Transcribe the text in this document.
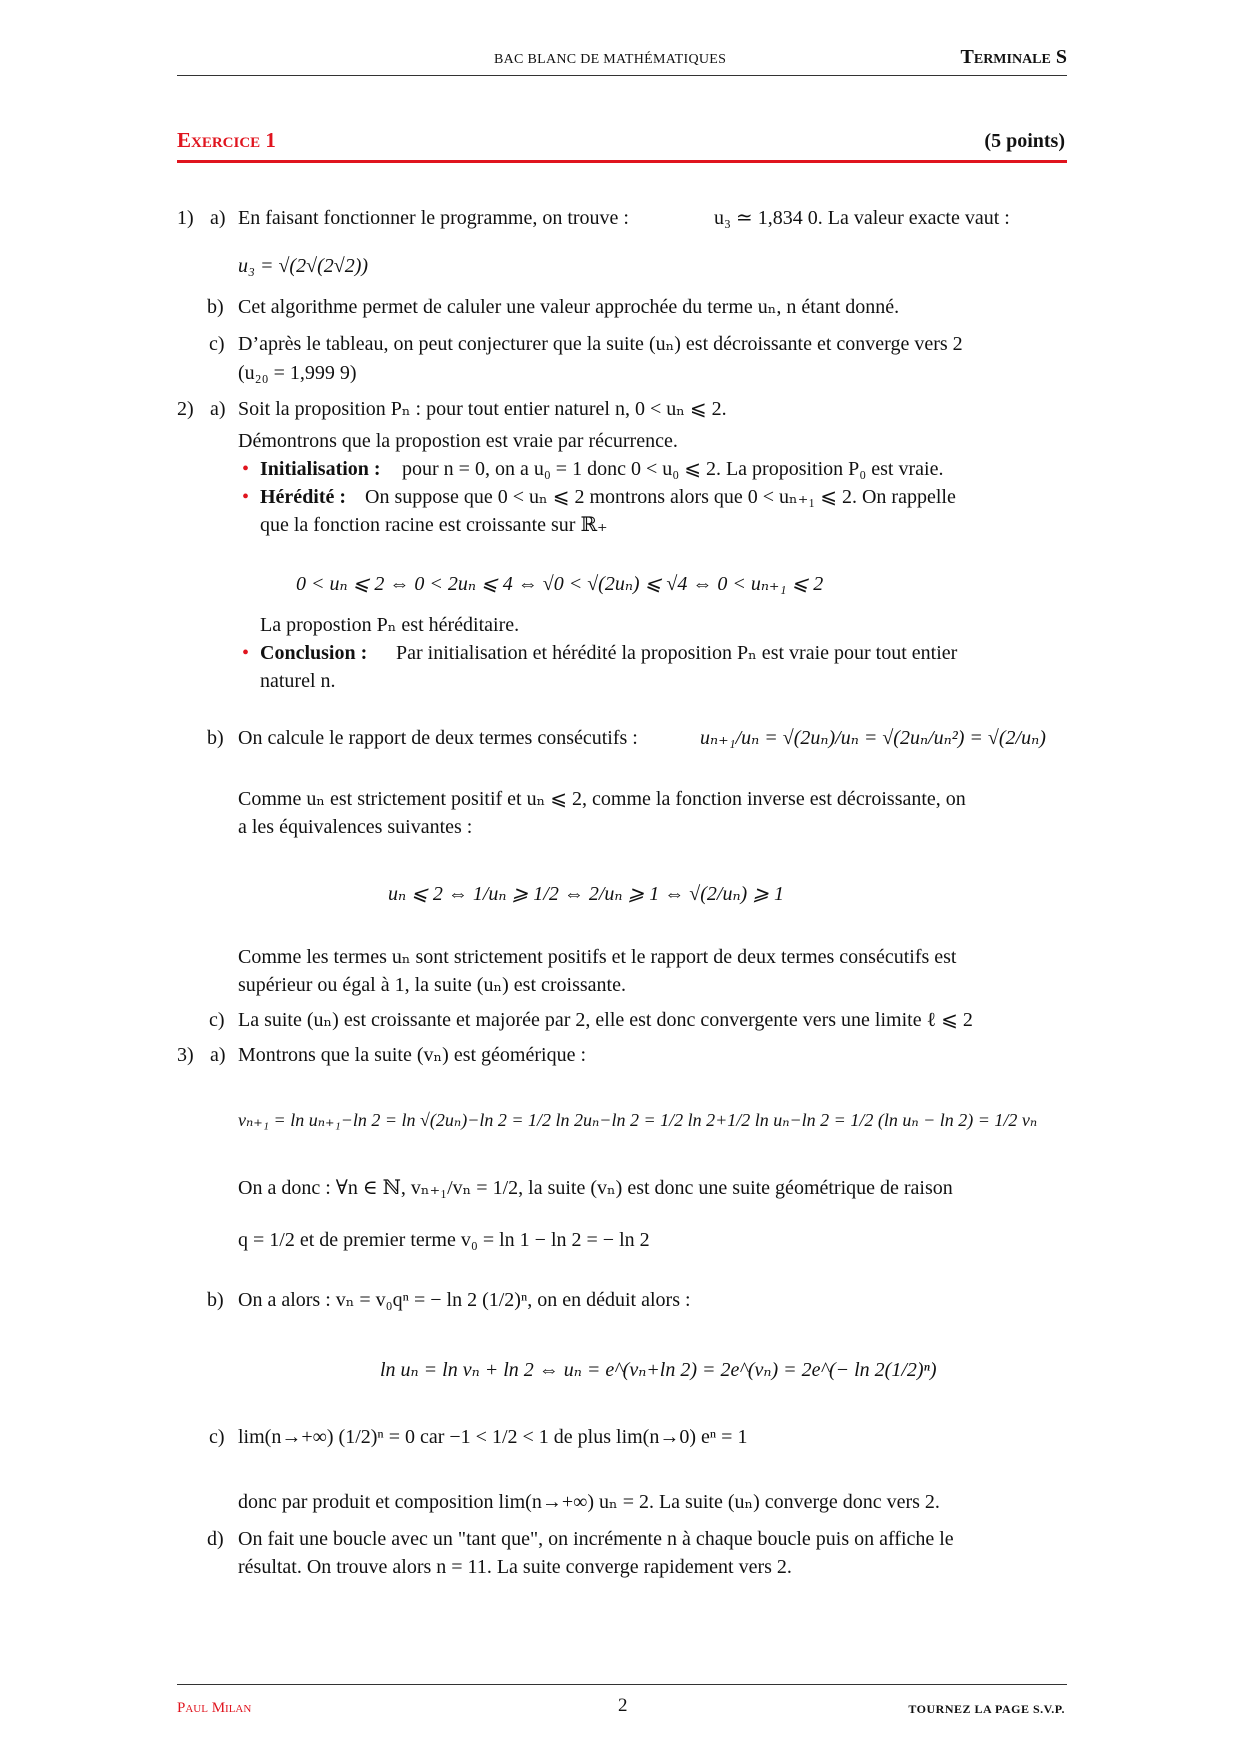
BAC BLANC DE MATHÉMATIQUES	Terminale S
Exercice 1	(5 points)
1) a) En faisant fonctionner le programme, on trouve :	u₃ ≃ 1,834 0. La valeur exacte vaut :
u₃ = √(2√(2√2))
b) Cet algorithme permet de caluler une valeur approchée du terme uₙ, n étant donné.
c) D’après le tableau, on peut conjecturer que la suite (uₙ) est décroissante et converge vers 2
(u₂₀ = 1,999 9)
2) a) Soit la proposition Pₙ : pour tout entier naturel n, 0 < uₙ ⩽ 2.
Démontrons que la propostion est vraie par récurrence.
• Initialisation : pour n = 0, on a u₀ = 1 donc 0 < u₀ ⩽ 2. La proposition P₀ est vraie.
• Hérédité : On suppose que 0 < uₙ ⩽ 2 montrons alors que 0 < uₙ₊₁ ⩽ 2. On rappelle
que la fonction racine est croissante sur ℝ₊
0 < uₙ ⩽ 2 ⇔ 0 < 2uₙ ⩽ 4 ⇔ √0 < √(2uₙ) ⩽ √4 ⇔ 0 < uₙ₊₁ ⩽ 2
La propostion Pₙ est héréditaire.
• Conclusion : Par initialisation et hérédité la proposition Pₙ est vraie pour tout entier
naturel n.
b) On calcule le rapport de deux termes consécutifs :	uₙ₊₁/uₙ = √(2uₙ)/uₙ = √(2uₙ/uₙ²) = √(2/uₙ)
Comme uₙ est strictement positif et uₙ ⩽ 2, comme la fonction inverse est décroissante, on
a les équivalences suivantes :
uₙ ⩽ 2 ⇔ 1/uₙ ⩾ 1/2 ⇔ 2/uₙ ⩾ 1 ⇔ √(2/uₙ) ⩾ 1
Comme les termes uₙ sont strictement positifs et le rapport de deux termes consécutifs est
supérieur ou égal à 1, la suite (uₙ) est croissante.
c) La suite (uₙ) est croissante et majorée par 2, elle est donc convergente vers une limite ℓ ⩽ 2
3) a) Montrons que la suite (vₙ) est géomérique :
vₙ₊₁ = ln uₙ₊₁−ln 2 = ln √(2uₙ)−ln 2 = 1/2 ln 2uₙ−ln 2 = 1/2 ln 2+1/2 ln uₙ−ln 2 = 1/2 (ln uₙ − ln 2) = 1/2 vₙ
On a donc : ∀n ∈ ℕ, vₙ₊₁/vₙ = 1/2, la suite (vₙ) est donc une suite géométrique de raison
q = 1/2 et de premier terme v₀ = ln 1 − ln 2 = − ln 2
b) On a alors : vₙ = v₀qⁿ = − ln 2 (1/2)ⁿ, on en déduit alors :
ln uₙ = ln vₙ + ln 2 ⇔ uₙ = e^(vₙ+ln 2) = 2e^(vₙ) = 2e^(− ln 2(1/2)ⁿ)
c) lim(n→+∞) (1/2)ⁿ = 0 car −1 < 1/2 < 1 de plus lim(n→0) eⁿ = 1
donc par produit et composition lim(n→+∞) uₙ = 2. La suite (uₙ) converge donc vers 2.
d) On fait une boucle avec un "tant que", on incrémente n à chaque boucle puis on affiche le
résultat. On trouve alors n = 11. La suite converge rapidement vers 2.
Paul Milan	2	TOURNEZ LA PAGE S.V.P.
